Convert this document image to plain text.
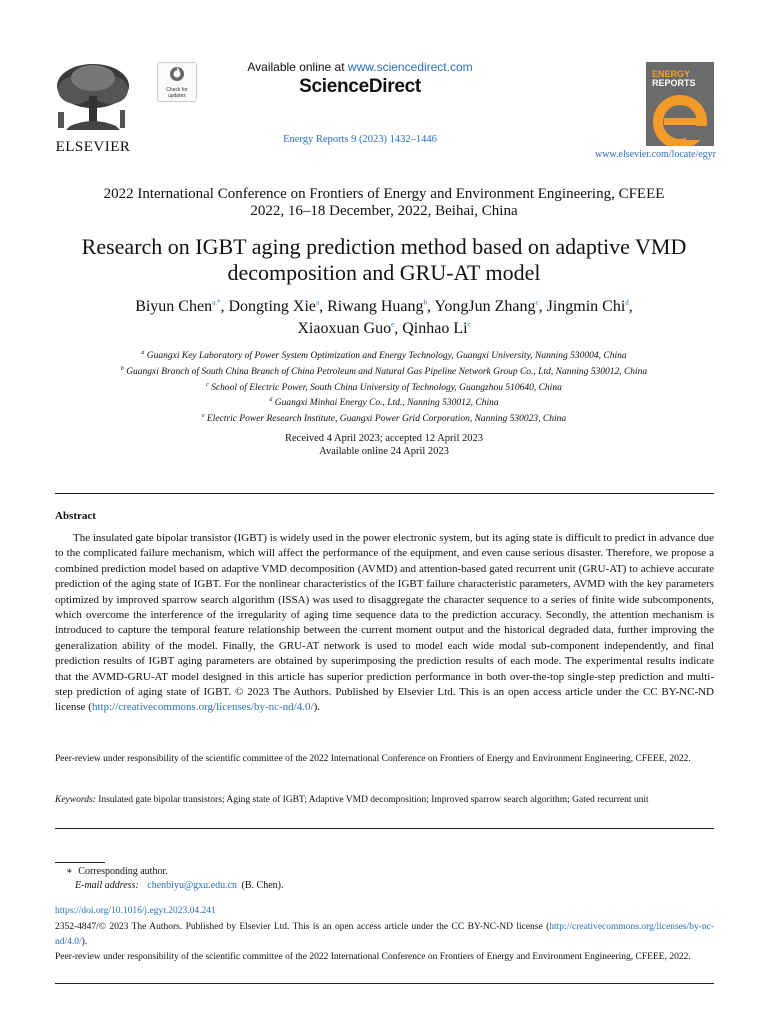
ELSEVIER
Check for
updates
Available online at www.sciencedirect.com
ScienceDirect
Energy Reports 9 (2023) 1432–1446
ENERGY
REPORTS
www.elsevier.com/locate/egyr
2022 International Conference on Frontiers of Energy and Environment Engineering, CFEEE
2022, 16–18 December, 2022, Beihai, China
Research on IGBT aging prediction method based on adaptive VMD
decomposition and GRU-AT model
Biyun Chen$^{a,*}$, Dongting Xie$^a$, Riwang Huang$^b$, YongJun Zhang$^c$, Jingmin Chi$^d$,
Xiaoxuan Guo$^e$, Qinhao Li$^c$
$^a$ Guangxi Key Laboratory of Power System Optimization and Energy Technology, Guangxi University, Nanning 530004, China
$^b$ Guangxi Branch of South China Branch of China Petroleum and Natural Gas Pipeline Network Group Co., Ltd, Nanning 530012, China
$^c$ School of Electric Power, South China University of Technology, Guangzhou 510640, China
$^d$ Guangxi Minhai Energy Co., Ltd., Nanning 530012, China
$^e$ Electric Power Research Institute, Guangxi Power Grid Corporation, Nanning 530023, China
Received 4 April 2023; accepted 12 April 2023
Available online 24 April 2023
Abstract
The insulated gate bipolar transistor (IGBT) is widely used in the power electronic system, but its aging state is difficult to predict in advance due to the complicated failure mechanism, which will affect the performance of the equipment, and even cause serious disaster. Therefore, we propose a combined prediction model based on adaptive VMD decomposition (AVMD) and attention-based gated recurrent unit (GRU-AT) to achieve accurate prediction of the aging state of IGBT. For the nonlinear characteristics of the IGBT failure characteristic parameters, AVMD with the key parameters optimized by improved sparrow search algorithm (ISSA) was used to disaggregate the character sequence to a series of finite wide subcomponents, which overcome the interference of the irregularity of aging time sequence data to the prediction accuracy. Secondly, the attention mechanism is introduced to capture the temporal feature relationship between the current moment output and the historical degraded data, further improving the generalization ability of the model. Finally, the GRU-AT network is used to model each wide modal sub-component independently, and final prediction results of IGBT aging parameters are obtained by superimposing the prediction results of each mode. The experimental results indicate that the AVMD-GRU-AT model designed in this article has superior prediction performance in both over-the-top single-step prediction and multi-step prediction of aging state of IGBT. © 2023 The Authors. Published by Elsevier Ltd. This is an open access article under the CC BY-NC-ND license (http://creativecommons.org/licenses/by-nc-nd/4.0/).
Peer-review under responsibility of the scientific committee of the 2022 International Conference on Frontiers of Energy and Environment Engineering, CFEEE, 2022.
Keywords: Insulated gate bipolar transistors; Aging state of IGBT; Adaptive VMD decomposition; Improved sparrow search algorithm; Gated recurrent unit
∗ Corresponding author.
E-mail address: chenbiyu@gxu.edu.cn (B. Chen).
https://doi.org/10.1016/j.egyr.2023.04.241
2352-4847/© 2023 The Authors. Published by Elsevier Ltd. This is an open access article under the CC BY-NC-ND license (http://creativecommons.org/licenses/by-nc-nd/4.0/).
Peer-review under responsibility of the scientific committee of the 2022 International Conference on Frontiers of Energy and Environment Engineering, CFEEE, 2022.
